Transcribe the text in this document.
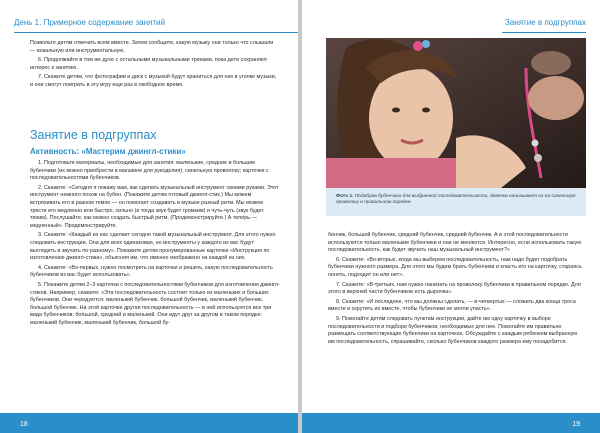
День 1. Примерное содержание занятий

Позвольте детям отвечать всем вместе. Затем сообщите, какую музыку они только что слышали — вокальную или инструментальную.

6. Продолжайте в том же духе с остальными музыкальными треками, пока дети сохраняют интерес к занятию.

7. Скажите детям, что фотографии и диск с музыкой будут храниться для них в уголке музыки, и они смогут поиграть в эту игру еще раз в свободное время.

Занятие в подгруппах
Активность: «Мастерим джингл-стики»

1. Подготовьте материалы, необходимые для занятия: маленькие, средние и большие бубенчики (их можно приобрести в магазине для рукоделия); синельную проволоку; карточки с последовательностями бубенчиков.

2. Скажите: «Сегодня я покажу вам, как сделать музыкальный инструмент своими руками. Этот инструмент немного похож на бубен. (Покажите детям готовый джингл-стик.) Мы можем встряхивать его в разном темпе — он помогает создавать в музыке разный ритм. Мы можем трясти его медленно или быстро, сильно (и тогда звук будет громким) и чуть-чуть (звук будет тихим). Послушайте, как можно создать быстрый ритм. (Продемонстрируйте.) А теперь — медленный». Продемонстрируйте.

3. Скажите: «Каждый из нас сделает сегодня такой музыкальный инструмент. Для этого нужно следовать инструкции. Она для всех одинаковая, но инструменты у каждого из вас будут выглядеть и звучать по-разному». Покажите детям пронумерованные карточки «Инструкция по изготовлению джингл-стика», объясняя им, что именно изображено на каждой из них.

4. Скажите: «Во-первых, нужно посмотреть на карточки и решить, какую последовательность бубенчиков из вас будет использовать».

5. Покажите детям 2–3 карточки с последовательностями бубенчиков для изготовления джингл-стиков. Например, скажите: «Эта последовательность состоит только из маленьких и больших бубенчиков. Они чередуются: маленький бубенчик, большой бубенчик, маленький бубенчик, большой бубенчик. На этой карточке другая последовательность — в ней используются все три вида бубенчиков: большой, средний и маленький. Они идут друг за другом в таком порядке: маленький бубенчик, маленький бубенчик, большой бу-

18
Занятие в подгруппах
Фото 1. Подобрав бубенчики для выбранной последовательности, девочка нанизывает их на синельную проволоку в правильном порядке.

бенчик, большой бубенчик, средний бубенчик, средний бубенчик. А в этой последовательности используются только маленькие бубенчики и они не меняются. Интересно, если использовать такую последовательность, как будет звучать наш музыкальный инструмент?»

6. Скажите: «Во-вторых, когда мы выберем последовательность, нам надо будет подобрать бубенчики нужного размера. Для этого мы будем брать бубенчики и класть его на карточку, стараясь понять, подходит он или нет».

7. Скажите: «В-третьих, нам нужно нанизать на проволоку бубенчики в правильном порядке. Для этого в верхней части бубенчиков есть дырочка».

8. Скажите: «И последнее, что мы должны сделать, — в-четвертых — сложить два конца троса вместе и скрутить их вместе, чтобы бубенчики не могли упасть».

9. Помогайте детям следовать пунктам инструкции, дайте им одну карточку в выборе последовательности и подборе бубенчиков, необходимых для нее. Помогайте им правильно размещать соответствующие бубенчики на карточках. Обсуждайте с каждым ребенком выбранную им последовательность, спрашивайте, сколько бубенчиков каждого размера ему понадобится.

19
